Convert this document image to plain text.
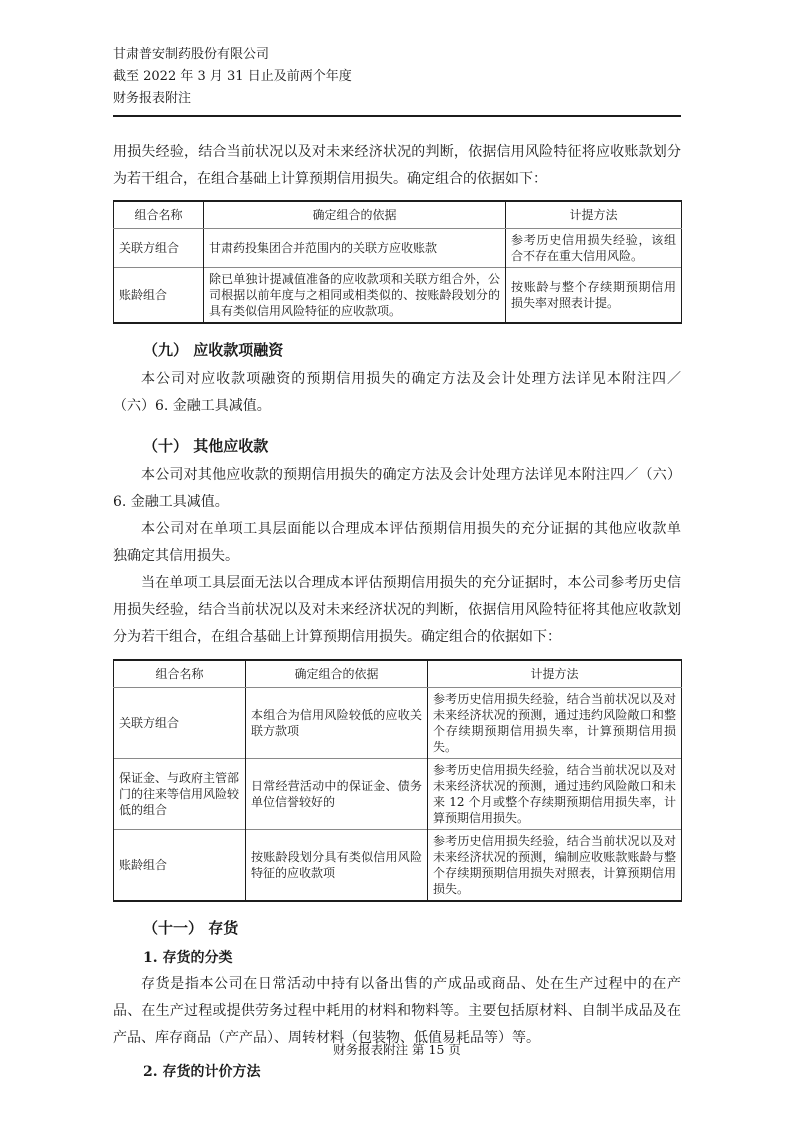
甘肃普安制药股份有限公司
截至 2022 年 3 月 31 日止及前两个年度
财务报表附注
用损失经验，结合当前状况以及对未来经济状况的判断，依据信用风险特征将应收账款划分
为若干组合，在组合基础上计算预期信用损失。确定组合的依据如下：
组合名称	确定组合的依据	计提方法
关联方组合	甘肃药投集团合并范围内的关联方应收账款	参考历史信用损失经验，该组合不存在重大信用风险。
账龄组合	除已单独计提减值准备的应收款项和关联方组合外，公司根据以前年度与之相同或相类似的、按账龄段划分的具有类似信用风险特征的应收款项。	按账龄与整个存续期预期信用损失率对照表计提。
（九） 应收款项融资
本公司对应收款项融资的预期信用损失的确定方法及会计处理方法详见本附注四／
（六）6. 金融工具减值。
（十） 其他应收款
本公司对其他应收款的预期信用损失的确定方法及会计处理方法详见本附注四／（六）
6. 金融工具减值。
本公司对在单项工具层面能以合理成本评估预期信用损失的充分证据的其他应收款单
独确定其信用损失。
当在单项工具层面无法以合理成本评估预期信用损失的充分证据时，本公司参考历史信
用损失经验，结合当前状况以及对未来经济状况的判断，依据信用风险特征将其他应收款划
分为若干组合，在组合基础上计算预期信用损失。确定组合的依据如下：
组合名称	确定组合的依据	计提方法
关联方组合	本组合为信用风险较低的应收关联方款项	参考历史信用损失经验，结合当前状况以及对未来经济状况的预测，通过违约风险敞口和整个存续期预期信用损失率，计算预期信用损失。
保证金、与政府主管部门的往来等信用风险较低的组合	日常经营活动中的保证金、债务单位信誉较好的	参考历史信用损失经验，结合当前状况以及对未来经济状况的预测，通过违约风险敞口和未来 12 个月或整个存续期预期信用损失率，计算预期信用损失。
账龄组合	按账龄段划分具有类似信用风险特征的应收款项	参考历史信用损失经验，结合当前状况以及对未来经济状况的预测，编制应收账款账龄与整个存续期预期信用损失对照表，计算预期信用损失。
（十一） 存货
1. 存货的分类
存货是指本公司在日常活动中持有以备出售的产成品或商品、处在生产过程中的在产
品、在生产过程或提供劳务过程中耗用的材料和物料等。主要包括原材料、自制半成品及在
产品、库存商品（产产品）、周转材料（包装物、低值易耗品等）等。
2. 存货的计价方法
财务报表附注 第 15 页
